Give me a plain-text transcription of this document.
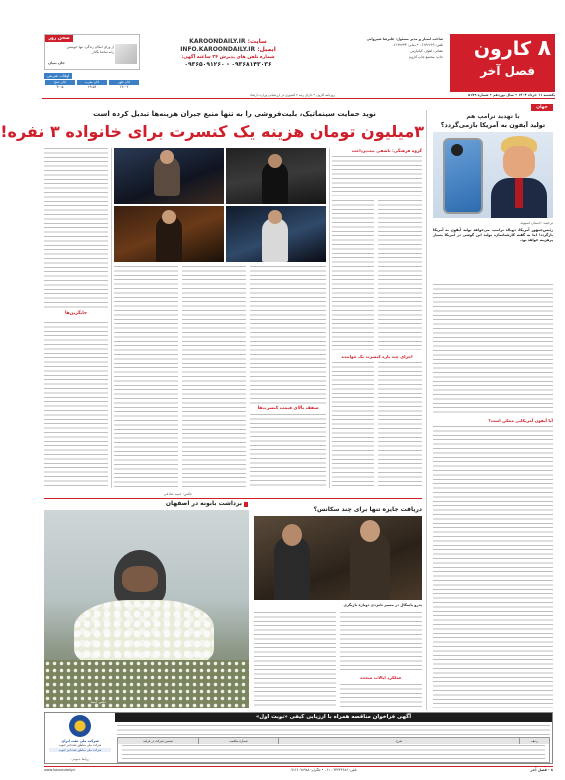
۸
کارون
فصل آخر
صاحب امتیاز و مدیر مسئول: علیرضا شیروانی
تلفن: ۰۶۱۳۲۲۶۹ • نمابر: ۰۶۱۳۲۲۴۴
نشانی: اهواز، کیانپارس
چاپ: مجتمع چاپ کارون
سایت: KAROONDAILY.IR
ایمیل: INFO.KAROONDAILY.IR
شماره تلفن های پذیرش ۲۴ ساعته آگهی:
۰۹۳۶۸۱۴۳۰۳۶ - ۰۹۳۶۵۰۹۱۲۶۰
سخن روز
از ورای امکان زندگی، تنها خویشتن
رابه تماشا بگذار
جان بنیان
اوقات شرعی
اذان ظهر
اذان مغرب
اذان صبح
۱۲:۰۲
۱۹:۵۶
۴:۰۵
یکشنبه ۱۱ خرداد ۱۴۰۴ • سال نوزدهم • شماره ۵۱۷۹
روزنامه کارون • دارای رتبه ۲ کشوری در ارزشیابی وزارت ارشاد
نوید حمایت سینماتیک، بلیت‌فروشی را به تنها منبع جبران هزینه‌ها تبدیل کرده است
۳میلیون تومان هزینه یک کنسرت برای خانواده ۳ نفره!
جایگزین‌ها
سقف بالای قیمت کنسرت‌ها
عکس: حمید صادقی
گروه فرهنگی: ناشفی بیت‌پرداخت
اجرای چند باره کنسرت یک خواننده
جهان
با تهدید ترامپ هم
تولید آیفون به آمریکا بازمی‌گردد؟
ترجمه: احسان اسیوند
رئیس‌جمهور آمریکا، دونالد ترامپ، می‌خواهد تولید آیفون به آمریکا بازگردد؛ اما به گفته کارشناسان، تولید این گوشی در آمریکا بسیار پرهزینه خواهد بود.
آیا آیفون آمریکایی ممکن است؟
برداشت بابونه در اصفهان
عکس: ایسنا
دریافت جایزه تنها برای چند سکانس؟
پدرو پاسکال در مسیر نامزدی دوباره بازیگری
عملکرد ایالات متحده
آگهی فراخوان مناقصه همراه با ارزیابی کیفی «نوبت اول»
شرکت ملی نفت ایران
شرکت ملی مناطق نفت‌خیز جنوب
شرکت ملی مناطق نفت‌خیز جنوب
ردیف
شرح
شماره مناقصه
تضمین شرکت در فرایند
روابط عمومی
۸ - فصل آخر
تلفن: ۳۳۳۴۳۶۸۶ - ۰۶۱ • تلگرام: ۰۹۱۶۶۰۹۸۹۸۸
www.karoondaily.ir
